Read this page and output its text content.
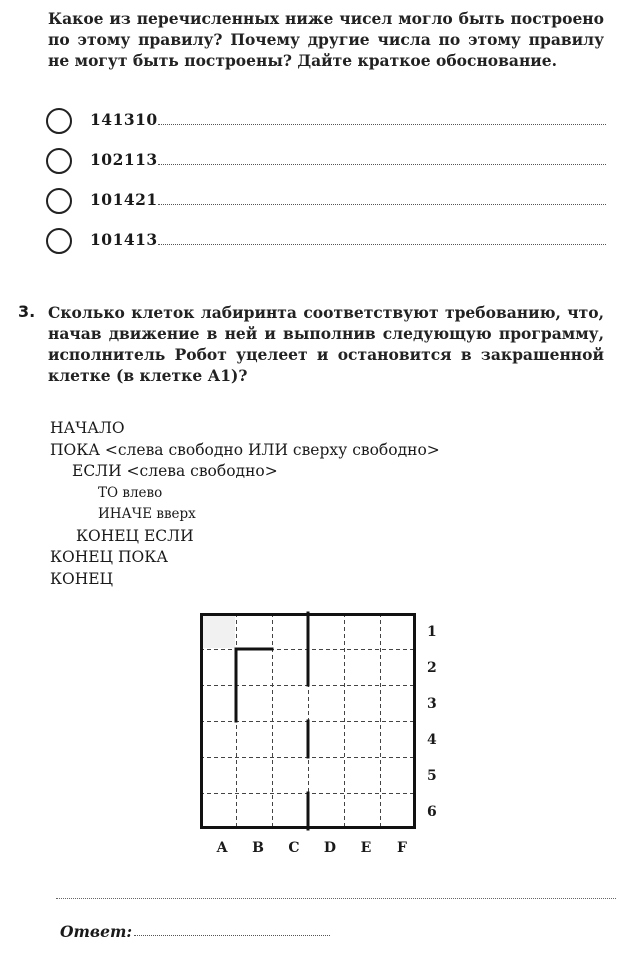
Какое из перечисленных ниже чисел могло быть построено по этому правилу? Почему другие числа по этому правилу не могут быть построены? Дайте краткое обоснование.
141310
102113
101421
101413
3. Сколько клеток лабиринта соответствуют требованию, что, начав движение в ней и выполнив следующую программу, исполнитель Робот уцелеет и остановится в закрашенной клетке (в клетке А1)?
НАЧАЛО
ПОКА <слева свободно ИЛИ сверху свободно>
ЕСЛИ <слева свободно>
ТО влево
ИНАЧЕ вверх
КОНЕЦ ЕСЛИ
КОНЕЦ ПОКА
КОНЕЦ
1
2
3
4
5
6
A	B	C	D	E	F
Ответ:
